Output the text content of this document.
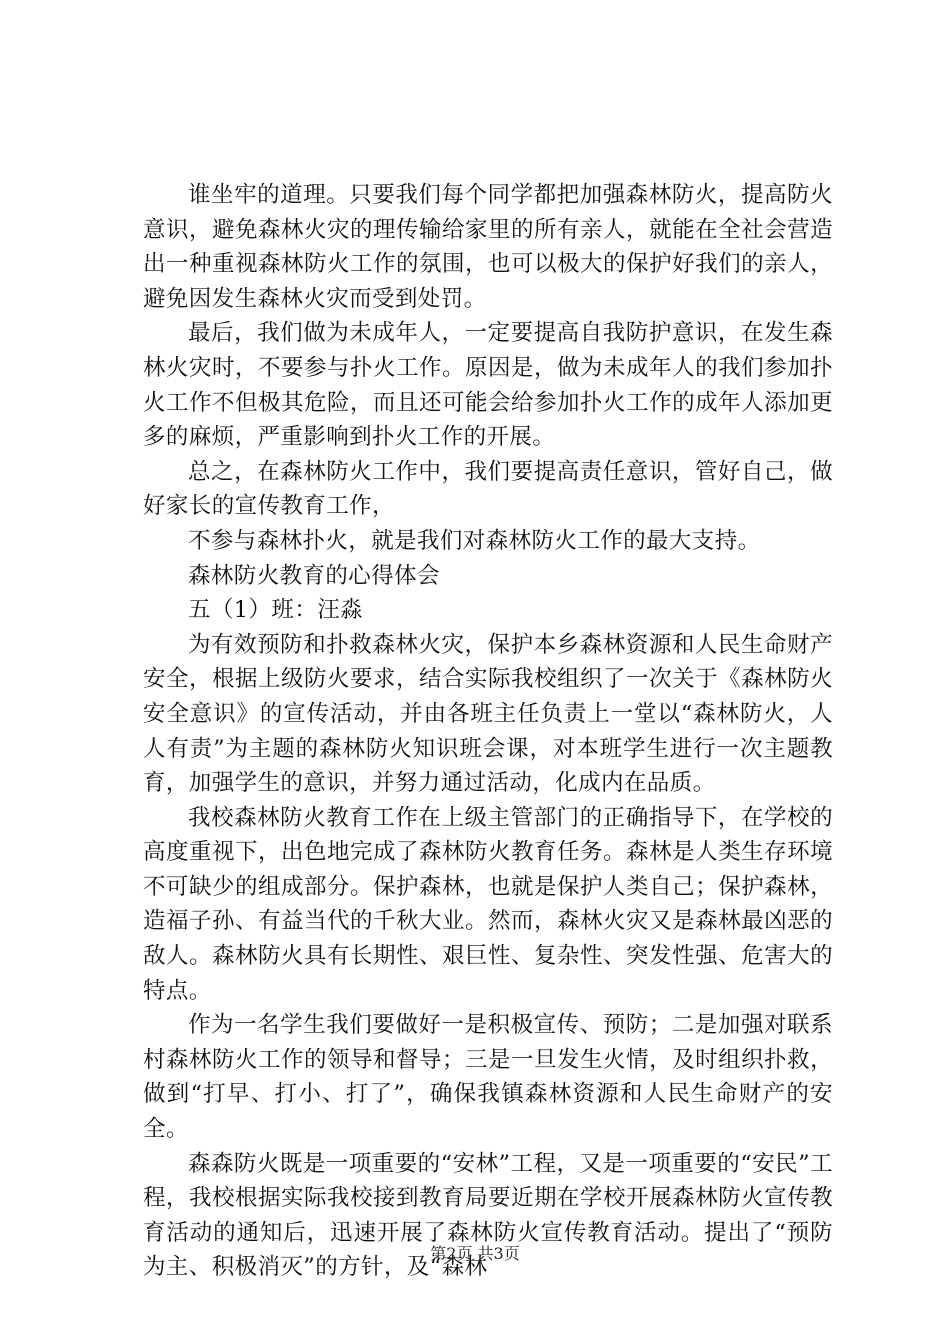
谁坐牢的道理。只要我们每个同学都把加强森林防火，提高防火意识，避免森林火灾的理传输给家里的所有亲人，就能在全社会营造出一种重视森林防火工作的氛围，也可以极大的保护好我们的亲人，避免因发生森林火灾而受到处罚。

最后，我们做为未成年人，一定要提高自我防护意识，在发生森林火灾时，不要参与扑火工作。原因是，做为未成年人的我们参加扑火工作不但极其危险，而且还可能会给参加扑火工作的成年人添加更多的麻烦，严重影响到扑火工作的开展。

总之，在森林防火工作中，我们要提高责任意识，管好自己，做好家长的宣传教育工作，

不参与森林扑火，就是我们对森林防火工作的最大支持。

森林防火教育的心得体会

五（1）班：汪淼

为有效预防和扑救森林火灾，保护本乡森林资源和人民生命财产安全，根据上级防火要求，结合实际我校组织了一次关于《森林防火安全意识》的宣传活动，并由各班主任负责上一堂以“森林防火，人人有责”为主题的森林防火知识班会课，对本班学生进行一次主题教育，加强学生的意识，并努力通过活动，化成内在品质。

我校森林防火教育工作在上级主管部门的正确指导下，在学校的高度重视下，出色地完成了森林防火教育任务。森林是人类生存环境不可缺少的组成部分。保护森林，也就是保护人类自己；保护森林，造福子孙、有益当代的千秋大业。然而，森林火灾又是森林最凶恶的敌人。森林防火具有长期性、艰巨性、复杂性、突发性强、危害大的特点。

作为一名学生我们要做好一是积极宣传、预防；二是加强对联系村森林防火工作的领导和督导；三是一旦发生火情，及时组织扑救，做到“打早、打小、打了”，确保我镇森林资源和人民生命财产的安全。

森森防火既是一项重要的“安林”工程，又是一项重要的“安民”工程，我校根据实际我校接到教育局要近期在学校开展森林防火宣传教育活动的通知后，迅速开展了森林防火宣传教育活动。提出了“预防为主、积极消灭”的方针，及“森林

第2页 共3页
